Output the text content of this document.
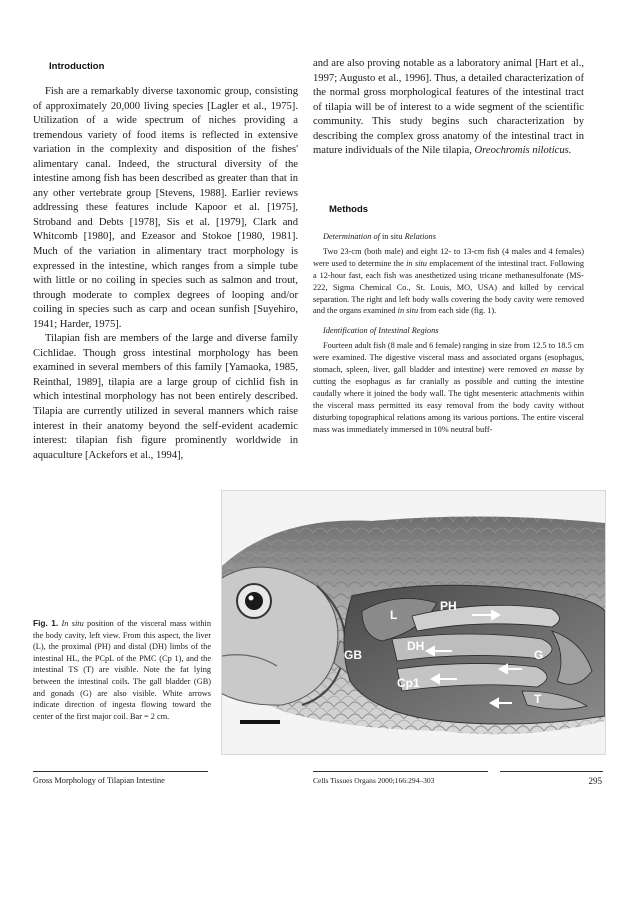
Introduction

Fish are a remarkably diverse taxonomic group, consisting of approximately 20,000 living species [Lagler et al., 1975]. Utilization of a wide spectrum of niches providing a tremendous variety of food items is reflected in extensive variation in the complexity and disposition of the fishes' alimentary canal. Indeed, the structural diversity of the intestine among fish has been described as greater than that in any other vertebrate group [Stevens, 1988]. Earlier reviews addressing these features include Kapoor et al. [1975], Stroband and Debts [1978], Sis et al. [1979], Clark and Whitcomb [1980], and Ezeasor and Stokoe [1980, 1981]. Much of the variation in alimentary tract morphology is expressed in the intestine, which ranges from a simple tube with little or no coiling in species such as salmon and trout, through moderate to complex degrees of looping and/or coiling in species such as carp and ocean sunfish [Suyehiro, 1941; Harder, 1975].

Tilapian fish are members of the large and diverse family Cichlidae. Though gross intestinal morphology has been examined in several members of this family [Yamaoka, 1985, Reinthal, 1989], tilapia are a large group of cichlid fish in which intestinal morphology has not been entirely described. Tilapia are currently utilized in several manners which raise interest in their anatomy beyond the self-evident academic interest: tilapian fish figure prominently worldwide in aquaculture [Ackefors et al., 1994],

and are also proving notable as a laboratory animal [Hart et al., 1997; Augusto et al., 1996]. Thus, a detailed characterization of the normal gross morphological features of the intestinal tract of tilapia will be of interest to a wide segment of the scientific community. This study begins such characterization by describing the complex gross anatomy of the intestinal tract in mature individuals of the Nile tilapia, Oreochromis niloticus.

Methods

Determination of in situ Relations

Two 23-cm (both male) and eight 12- to 13-cm fish (4 males and 4 females) were used to determine the in situ emplacement of the intestinal tract. Following a 12-hour fast, each fish was anesthetized using tricane methanesulfonate (MS-222, Sigma Chemical Co., St. Louis, MO, USA) and killed by cervical separation. The right and left body walls covering the body cavity were removed and the organs examined in situ from each side (fig. 1).

Identification of Intestinal Regions

Fourteen adult fish (8 male and 6 female) ranging in size from 12.5 to 18.5 cm were examined. The digestive visceral mass and associated organs (esophagus, stomach, spleen, liver, gall bladder and intestine) were removed en masse by cutting the esophagus as far cranially as possible and cutting the intestine caudally where it joined the body wall. The tight mesenteric attachments within the visceral mass permitted its easy removal from the body cavity without disturbing topographical relations among its various portions. The entire visceral mass was immediately immersed in 10% neutral buff-

L
PH
GB
DH
G
Cp1
T
Fig. 1. In situ position of the visceral mass within the body cavity, left view. From this aspect, the liver (L), the proximal (PH) and distal (DH) limbs of the intestinal HL, the PCpL of the PMC (Cp 1), and the intestinal TS (T) are visible. Note the fat lying between the intestinal coils. The gall bladder (GB) and gonads (G) are also visible. White arrows indicate direction of ingesta flowing toward the center of the first major coil. Bar = 2 cm.
Gross Morphology of Tilapian Intestine	Cells Tissues Organs 2000;166:294–303	295
